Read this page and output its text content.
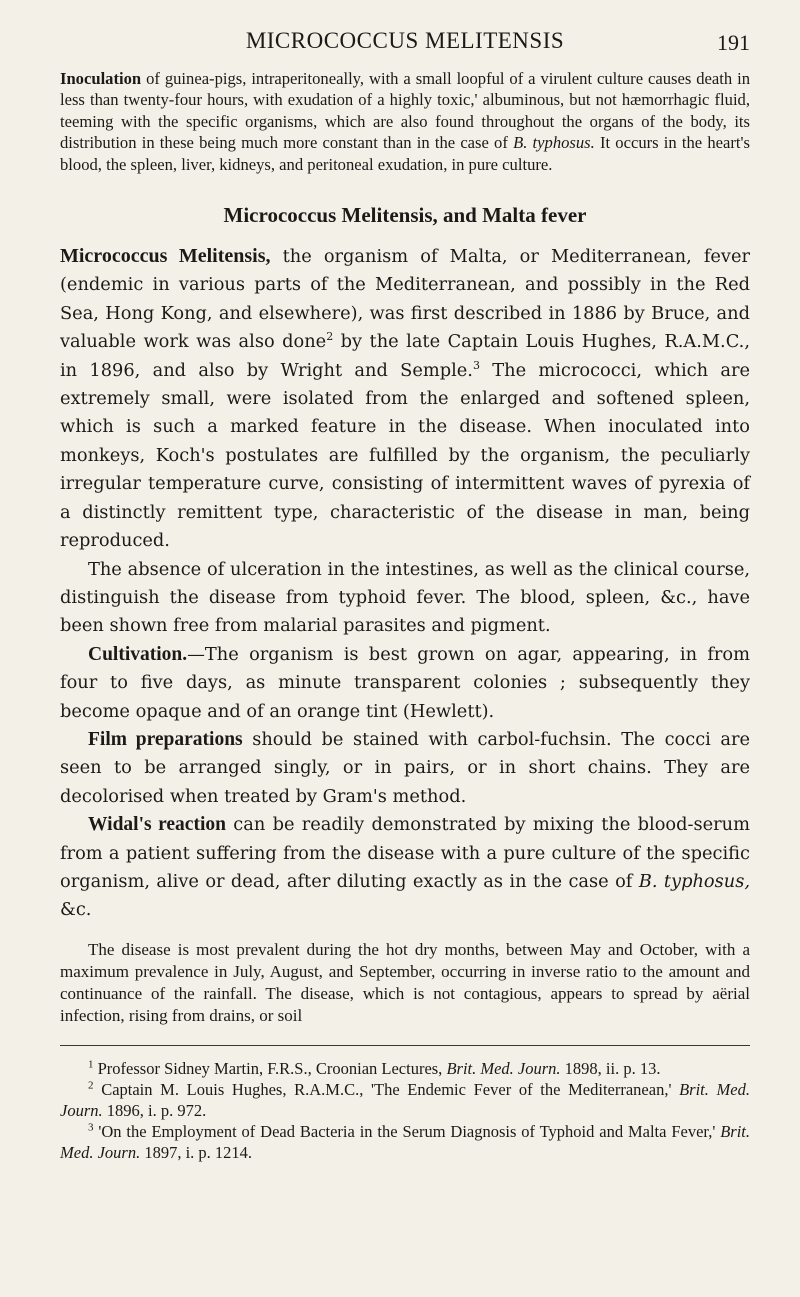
MICROCOCCUS MELITENSIS	191

Inoculation of guinea-pigs, intraperitoneally, with a small loopful of a virulent culture causes death in less than twenty-four hours, with exudation of a highly toxic,' albuminous, but not hæmorrhagic fluid, teeming with the specific organisms, which are also found throughout the organs of the body, its distribution in these being much more constant than in the case of B. typhosus. It occurs in the heart's blood, the spleen, liver, kidneys, and peritoneal exudation, in pure culture.

Micrococcus Melitensis, and Malta fever

Micrococcus Melitensis, the organism of Malta, or Mediterranean, fever (endemic in various parts of the Mediterranean, and possibly in the Red Sea, Hong Kong, and elsewhere), was first described in 1886 by Bruce, and valuable work was also done$^2$ by the late Captain Louis Hughes, R.A.M.C., in 1896, and also by Wright and Semple.$^3$ The micrococci, which are extremely small, were isolated from the enlarged and softened spleen, which is such a marked feature in the disease. When inoculated into monkeys, Koch's postulates are fulfilled by the organism, the peculiarly irregular temperature curve, consisting of intermittent waves of pyrexia of a distinctly remittent type, characteristic of the disease in man, being reproduced.

The absence of ulceration in the intestines, as well as the clinical course, distinguish the disease from typhoid fever. The blood, spleen, &c., have been shown free from malarial parasites and pigment.

Cultivation.—The organism is best grown on agar, appearing, in from four to five days, as minute transparent colonies ; subsequently they become opaque and of an orange tint (Hewlett).

Film preparations should be stained with carbol-fuchsin. The cocci are seen to be arranged singly, or in pairs, or in short chains. They are decolorised when treated by Gram's method.

Widal's reaction can be readily demonstrated by mixing the blood-serum from a patient suffering from the disease with a pure culture of the specific organism, alive or dead, after diluting exactly as in the case of B. typhosus, &c.

The disease is most prevalent during the hot dry months, between May and October, with a maximum prevalence in July, August, and September, occurring in inverse ratio to the amount and continuance of the rainfall. The disease, which is not contagious, appears to spread by aërial infection, rising from drains, or soil

$^1$ Professor Sidney Martin, F.R.S., Croonian Lectures, Brit. Med. Journ. 1898, ii. p. 13.

$^2$ Captain M. Louis Hughes, R.A.M.C., 'The Endemic Fever of the Mediterranean,' Brit. Med. Journ. 1896, i. p. 972.

$^3$ 'On the Employment of Dead Bacteria in the Serum Diagnosis of Typhoid and Malta Fever,' Brit. Med. Journ. 1897, i. p. 1214.
